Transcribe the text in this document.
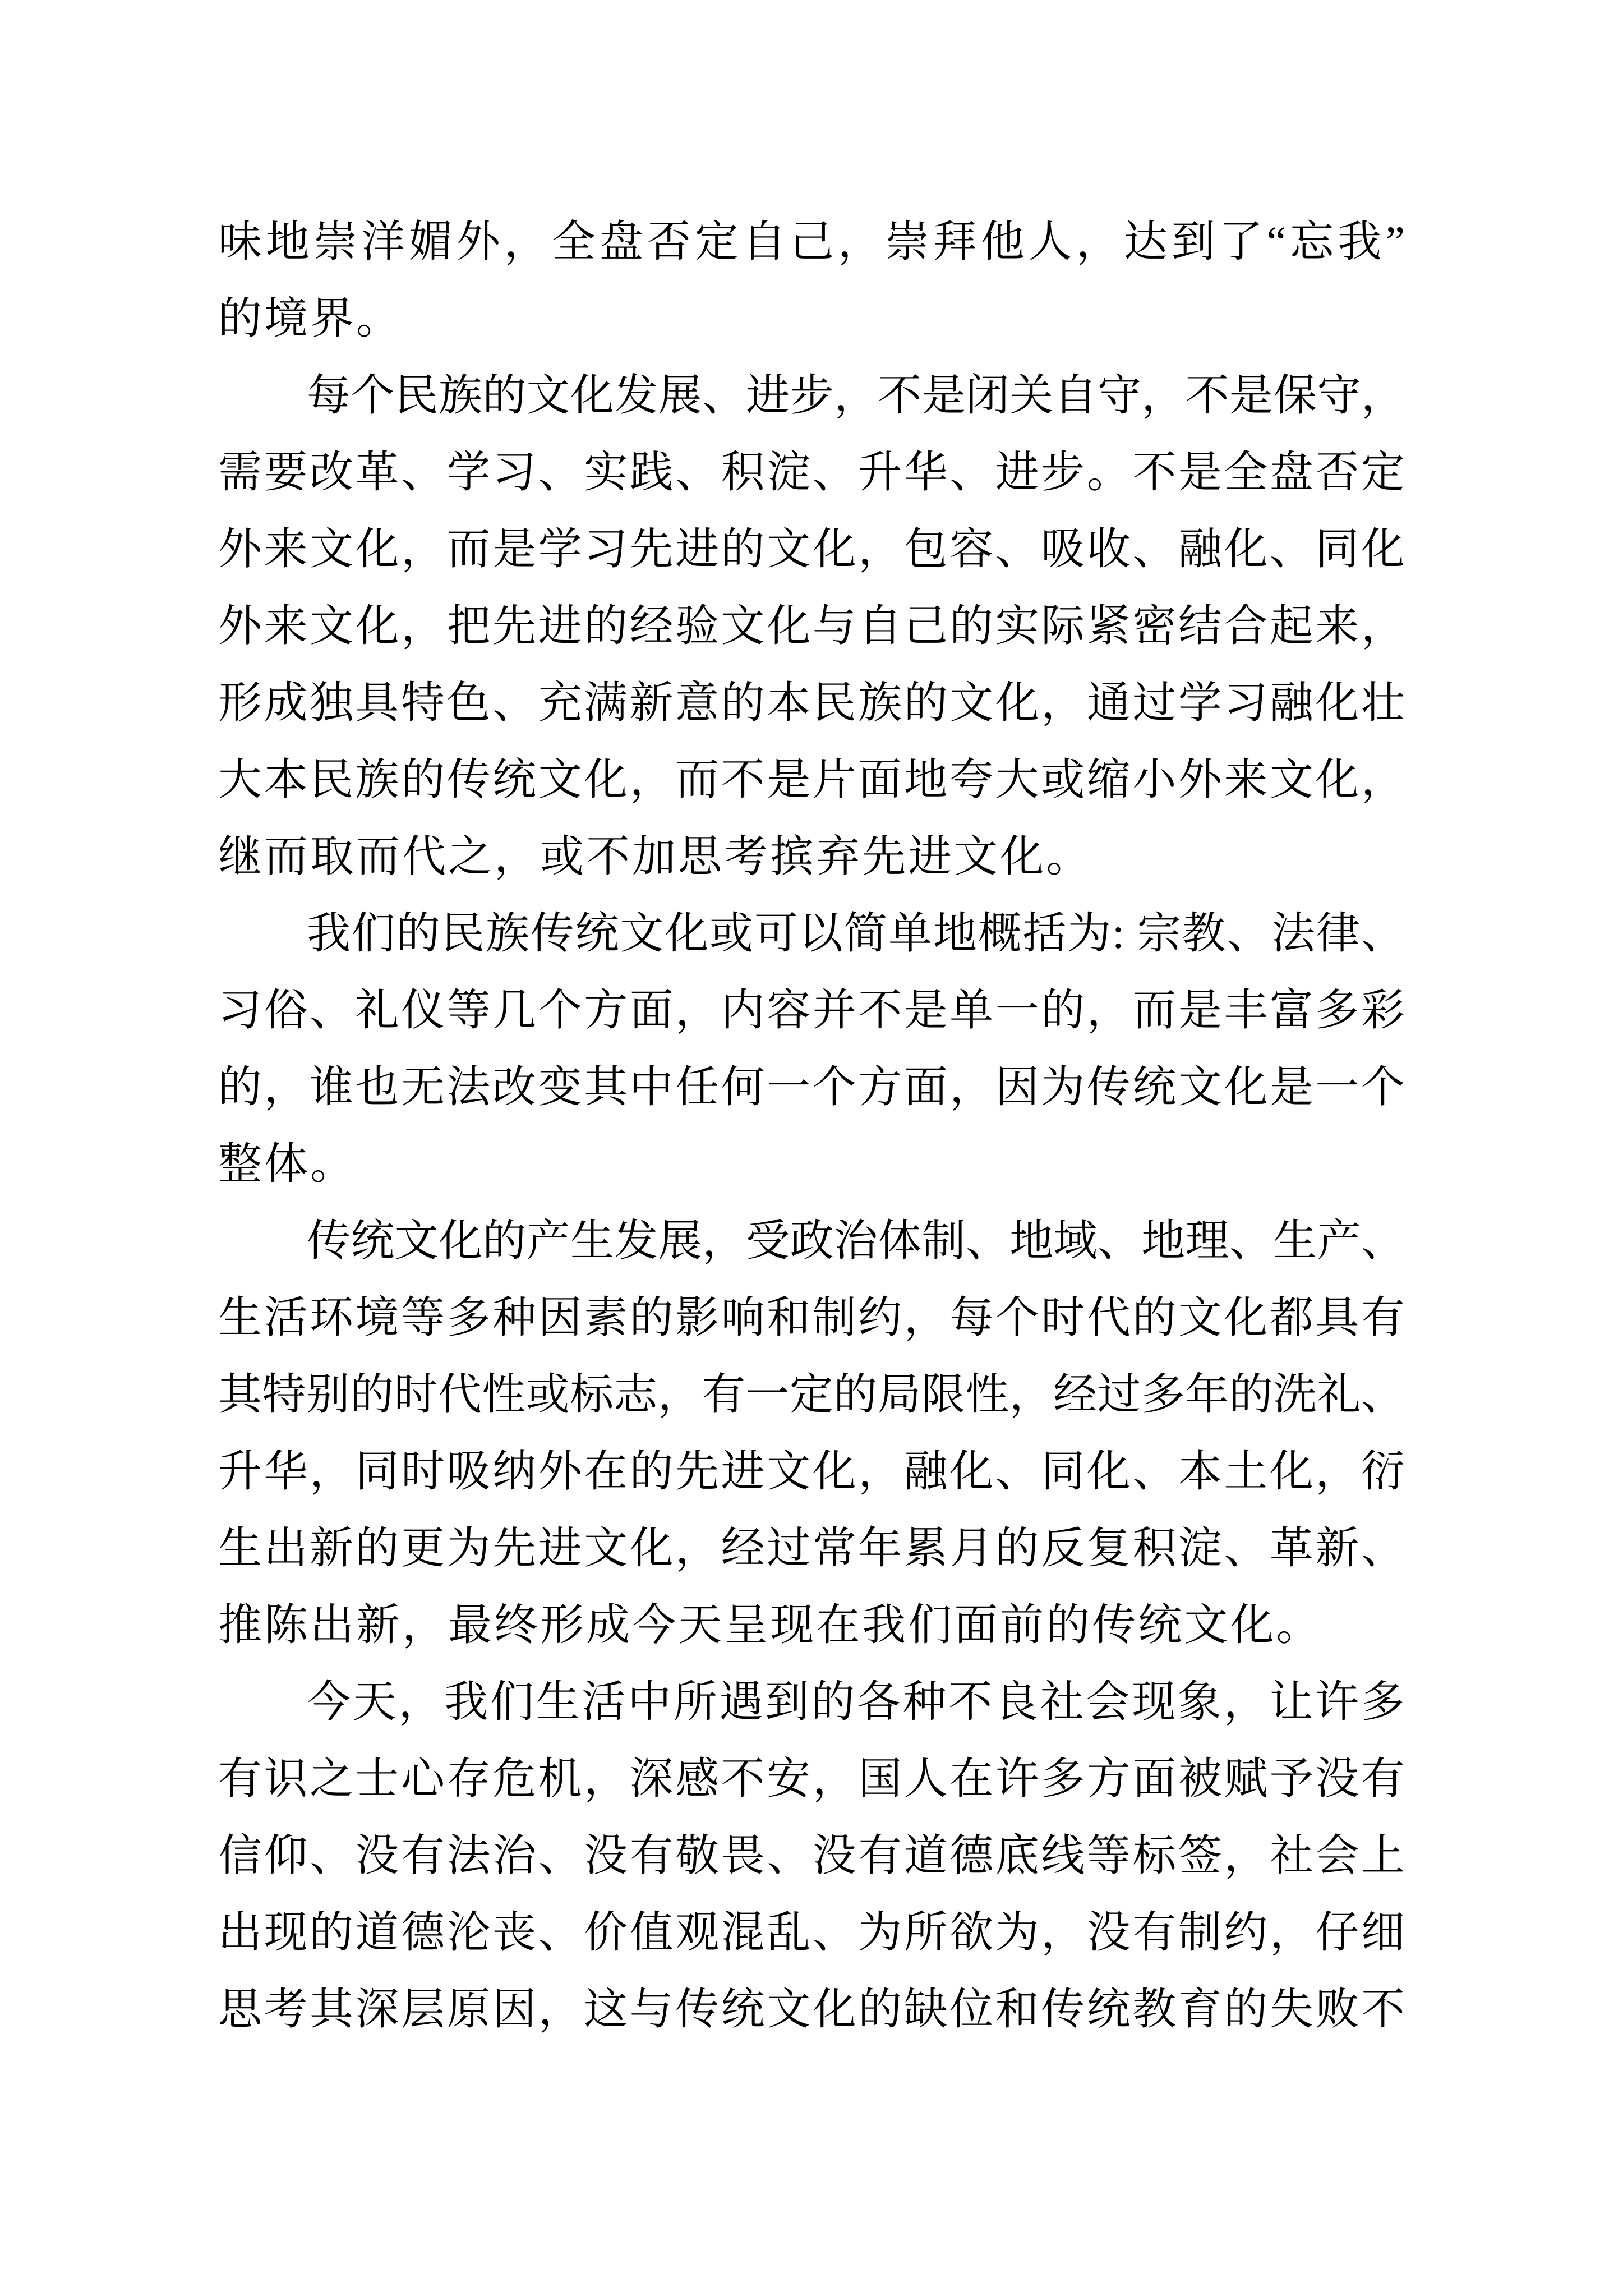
味 地 崇 洋 媚 外 ， 全 盘 否 定 自 己 ， 崇 拜 他 人 ， 达 到 了 “ 忘 我 ”
的 境 界 。
每 个 民 族 的 文 化 发 展 、 进 步 ， 不 是 闭 关 自 守 ， 不 是 保 守 ，
需 要 改 革 、 学 习 、 实 践 、 积 淀 、 升 华 、 进 步 。 不 是 全 盘 否 定
外 来 文 化 ， 而 是 学 习 先 进 的 文 化 ， 包 容 、 吸 收 、 融 化 、 同 化
外 来 文 化 ， 把 先 进 的 经 验 文 化 与 自 己 的 实 际 紧 密 结 合 起 来 ，
形 成 独 具 特 色 、 充 满 新 意 的 本 民 族 的 文 化 ， 通 过 学 习 融 化 壮
大 本 民 族 的 传 统 文 化 ， 而 不 是 片 面 地 夸 大 或 缩 小 外 来 文 化 ，
继 而 取 而 代 之 ， 或 不 加 思 考 摈 弃 先 进 文 化 。
我 们 的 民 族 传 统 文 化 或 可 以 简 单 地 概 括 为 :
宗 教 、 法 律 、
习 俗 、 礼 仪 等 几 个 方 面 ， 内 容 并 不 是 单 一 的 ， 而 是 丰 富 多 彩
的 ， 谁 也 无 法 改 变 其 中 任 何 一 个 方 面 ， 因 为 传 统 文 化 是 一 个
整 体 。
传 统 文 化 的 产 生 发 展 ， 受 政 治 体 制 、 地 域 、 地 理 、 生 产 、
生 活 环 境 等 多 种 因 素 的 影 响 和 制 约 ， 每 个 时 代 的 文 化 都 具 有
其 特 别 的 时 代 性 或 标 志 ， 有 一 定 的 局 限 性 ， 经 过 多 年 的 洗 礼 、
升 华 ， 同 时 吸 纳 外 在 的 先 进 文 化 ， 融 化 、 同 化 、 本 土 化 ， 衍
生 出 新 的 更 为 先 进 文 化 ， 经 过 常 年 累 月 的 反 复 积 淀 、 革 新 、
推 陈 出 新 ， 最 终 形 成 今 天 呈 现 在 我 们 面 前 的 传 统 文 化 。
今 天 ， 我 们 生 活 中 所 遇 到 的 各 种 不 良 社 会 现 象 ， 让 许 多
有 识 之 士 心 存 危 机 ， 深 感 不 安 ， 国 人 在 许 多 方 面 被 赋 予 没 有
信 仰 、 没 有 法 治 、 没 有 敬 畏 、 没 有 道 德 底 线 等 标 签 ， 社 会 上
出 现 的 道 德 沦 丧 、 价 值 观 混 乱 、 为 所 欲 为 ， 没 有 制 约 ， 仔 细
思 考 其 深 层 原 因 ， 这 与 传 统 文 化 的 缺 位 和 传 统 教 育 的 失 败 不
